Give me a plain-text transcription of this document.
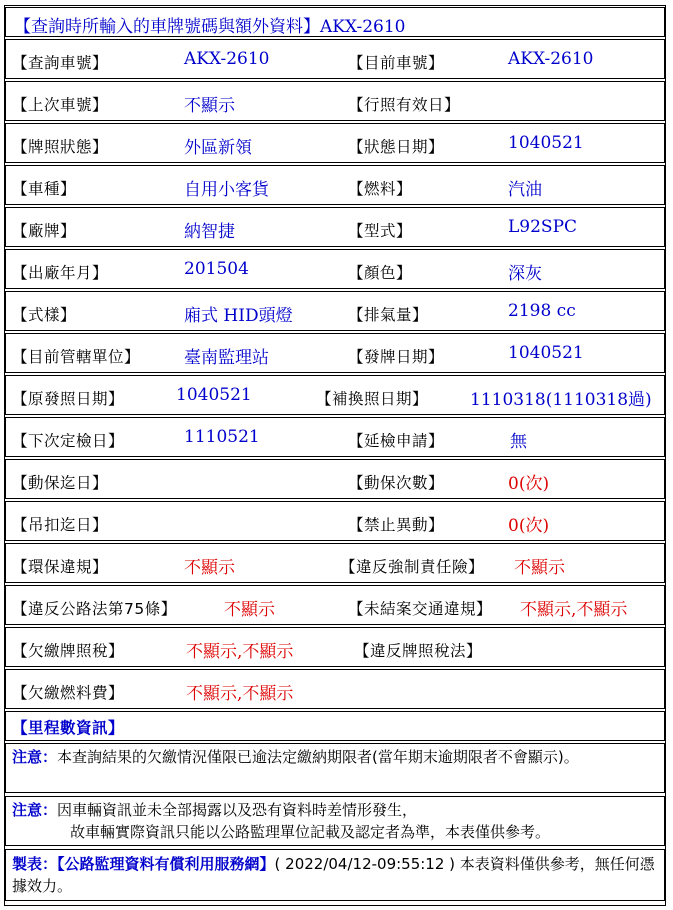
【查詢時所輸入的車牌號碼與額外資料】AKX-2610
【查詢車號】	AKX-2610	【目前車號】	AKX-2610
【上次車號】	不顯示	【行照有效日】
【牌照狀態】	外區新領	【狀態日期】	1040521
【車種】	自用小客貨	【燃料】	汽油
【廠牌】	納智捷	【型式】	L92SPC
【出廠年月】	201504	【顏色】	深灰
【式樣】	廂式 HID頭燈	【排氣量】	2198 cc
【目前管轄單位】	臺南監理站	【發牌日期】	1040521
【原發照日期】	1040521	【補換照日期】 1110318(1110318過)
【下次定檢日】	1110521	【延檢申請】	無
【動保迄日】	【動保次數】	0(次)
【吊扣迄日】	【禁止異動】	0(次)
【環保違規】	不顯示	【違反強制責任險】 不顯示
【違反公路法第75條】	不顯示	【未結案交通違規】 不顯示,不顯示
【欠繳牌照稅】	不顯示,不顯示	【違反牌照稅法】
【欠繳燃料費】	不顯示,不顯示
【里程數資訊】
注意：本查詢結果的欠繳情況僅限已逾法定繳納期限者(當年期末逾期限者不會顯示)。
注意：因車輛資訊並未全部揭露以及恐有資料時差情形發生，
故車輛實際資訊只能以公路監理單位記載及認定者為準，本表僅供參考。
製表：【公路監理資料有償利用服務網】( 2022/04/12-09:55:12 ) 本表資料僅供參考，無任何憑據效力。
